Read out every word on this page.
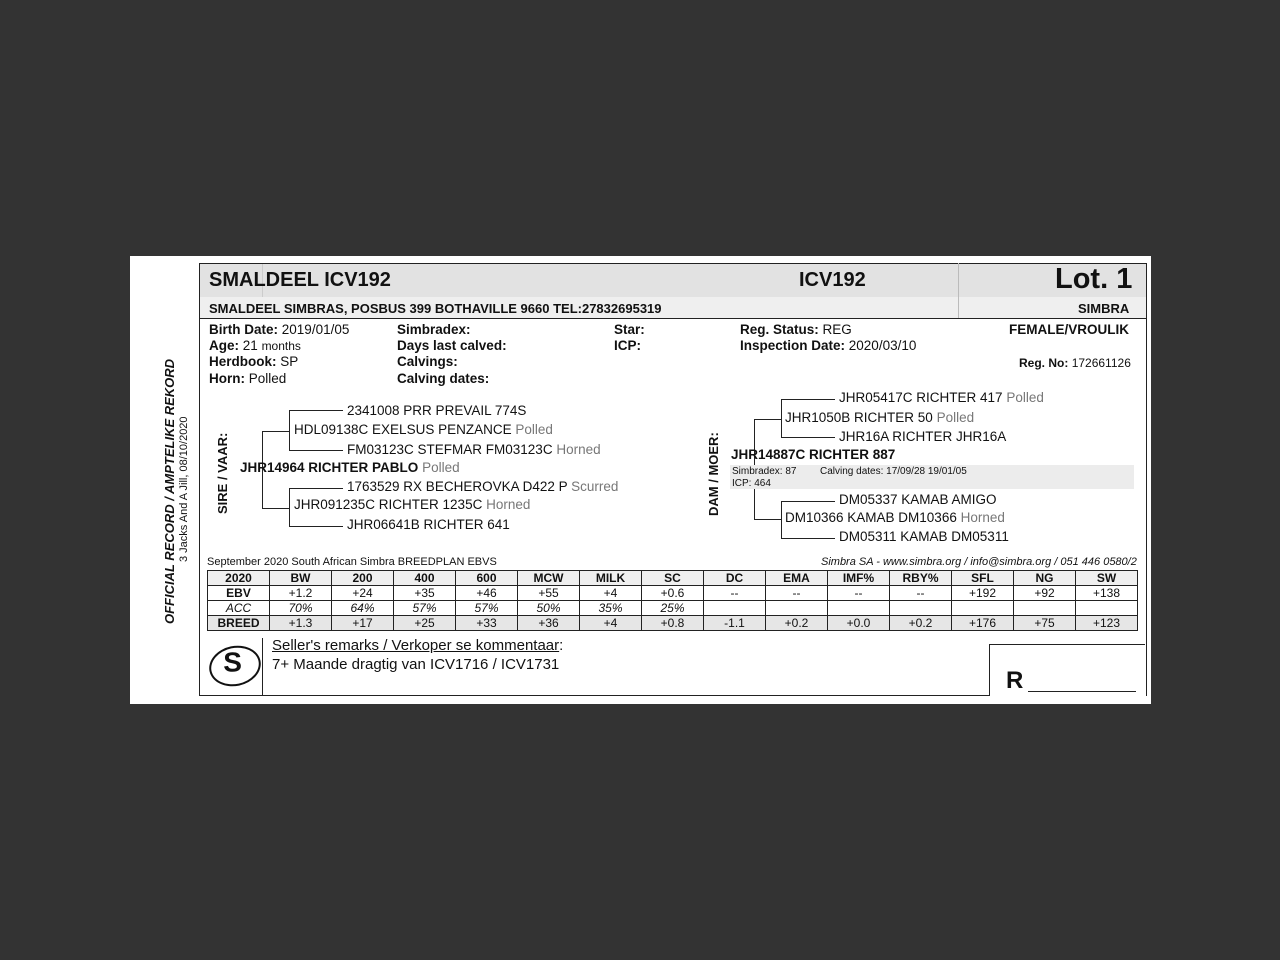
OFFICIAL RECORD / AMPTELIKE REKORD 3 Jacks And A Jill, 08/10/2020
SMALDEEL ICV192	ICV192	Lot. 1
SMALDEEL SIMBRAS, POSBUS 399 BOTHAVILLE 9660 TEL:27832695319	SIMBRA
Birth Date: 2019/01/05
Age: 21 months
Herdbook: SP
Horn: Polled
Simbradex:
Days last calved:
Calvings:
Calving dates:
Star:
ICP:
Reg. Status: REG
Inspection Date: 2020/03/10
FEMALE/VROULIK
Reg. No: 172661126
SIRE / VAAR:
2341008 PRR PREVAIL 774S
HDL09138C EXELSUS PENZANCE Polled
FM03123C STEFMAR FM03123C Horned
JHR14964 RICHTER PABLO Polled
1763529 RX BECHEROVKA D422 P Scurred
JHR091235C RICHTER 1235C Horned
JHR06641B RICHTER 641
DAM / MOER:
JHR05417C RICHTER 417 Polled
JHR1050B RICHTER 50 Polled
JHR16A RICHTER JHR16A
JHR14887C RICHTER 887
Simbradex: 87 Calving dates: 17/09/28 19/01/05
ICP: 464
DM05337 KAMAB AMIGO
DM10366 KAMAB DM10366 Horned
DM05311 KAMAB DM05311
September 2020 South African Simbra BREEDPLAN EBVS	Simbra SA - www.simbra.org / info@simbra.org / 051 446 0580/2
2020	BW	200	400	600	MCW	MILK	SC	DC	EMA	IMF%	RBY%	SFL	NG	SW
EBV	+1.2	+24	+35	+46	+55	+4	+0.6	--	--	--	--	+192	+92	+138
ACC	70%	64%	57%	57%	50%	35%	25%							
BREED	+1.3	+17	+25	+33	+36	+4	+0.8	-1.1	+0.2	+0.0	+0.2	+176	+75	+123
S
Seller's remarks / Verkoper se kommentaar:
7+ Maande dragtig van ICV1716 / ICV1731
R
